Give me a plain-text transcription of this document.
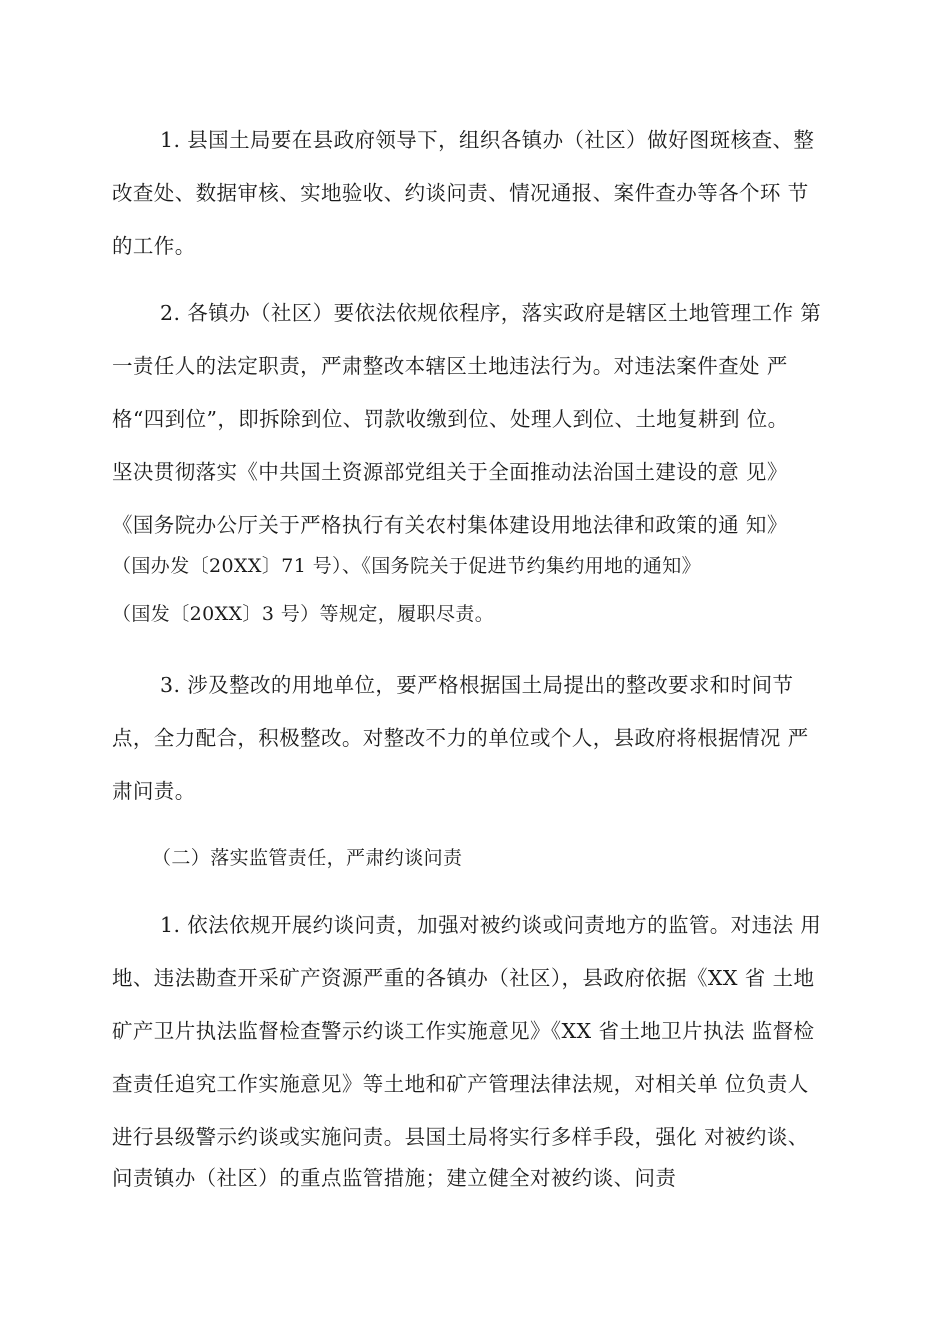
1. 县国土局要在县政府领导下，组织各镇办（社区）做好图斑核查、整
改查处、数据审核、实地验收、约谈问责、情况通报、案件查办等各个环 节
的工作。
2. 各镇办（社区）要依法依规依程序，落实政府是辖区土地管理工作 第
一责任人的法定职责，严肃整改本辖区土地违法行为。对违法案件查处 严
格“四到位”，即拆除到位、罚款收缴到位、处理人到位、土地复耕到 位。
坚决贯彻落实《中共国土资源部党组关于全面推动法治国土建设的意 见》
《国务院办公厅关于严格执行有关农村集体建设用地法律和政策的通 知》
（国办发〔20XX〕71 号）、《国务院关于促进节约集约用地的通知》
（国发〔20XX〕3 号）等规定，履职尽责。
3. 涉及整改的用地单位，要严格根据国土局提出的整改要求和时间节
点，全力配合，积极整改。对整改不力的单位或个人，县政府将根据情况 严
肃问责。
（二）落实监管责任，严肃约谈问责
1. 依法依规开展约谈问责，加强对被约谈或问责地方的监管。对违法 用
地、违法勘查开采矿产资源严重的各镇办（社区），县政府依据《XX 省 土地
矿产卫片执法监督检查警示约谈工作实施意见》《XX 省土地卫片执法 监督检
查责任追究工作实施意见》等土地和矿产管理法律法规，对相关单 位负责人
进行县级警示约谈或实施问责。县国土局将实行多样手段，强化 对被约谈、
问责镇办（社区）的重点监管措施；建立健全对被约谈、问责
